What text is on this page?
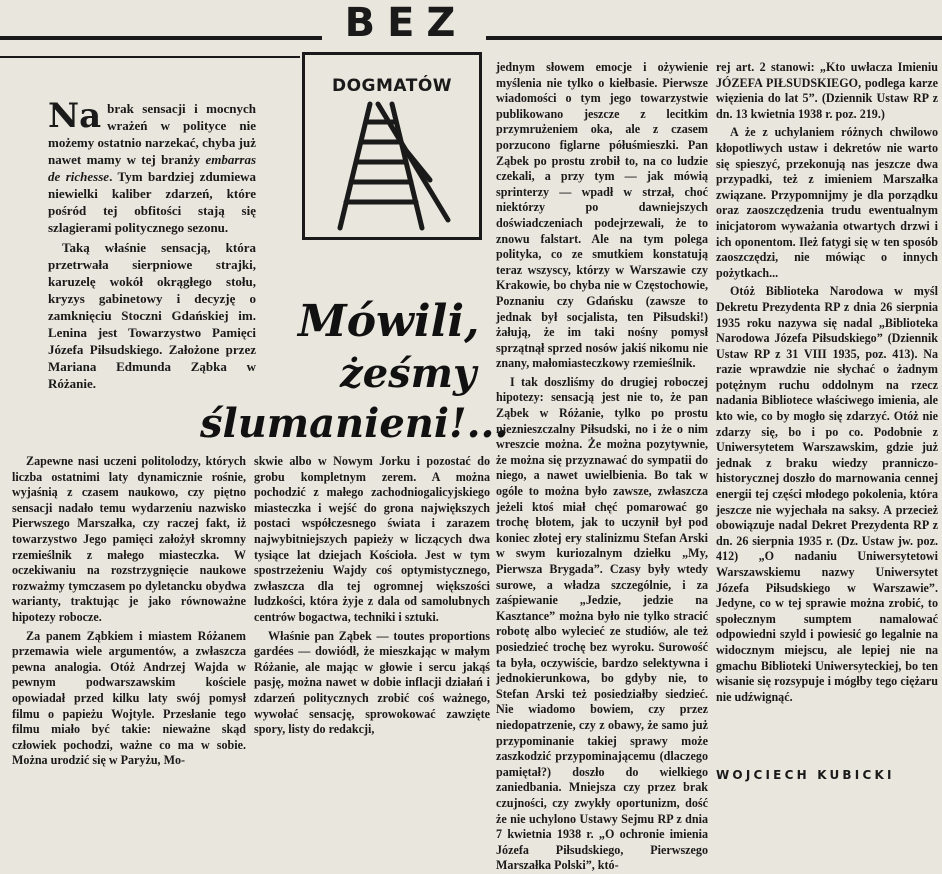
BEZ
DOGMATÓW

Na brak sensacji i mocnych wrażeń w polityce nie możemy ostatnio narzekać, chyba już nawet mamy w tej branży embarras de richesse. Tym bardziej zdumiewa niewielki kaliber zdarzeń, które pośród tej obfitości stają się szlagierami politycznego sezonu.

Taką właśnie sensacją, która przetrwała sierpniowe strajki, karuzelę wokół okrągłego stołu, kryzys gabinetowy i decyzję o zamknięciu Stoczni Gdańskiej im. Lenina jest Towarzystwo Pamięci Józefa Piłsudskiego. Założone przez Mariana Edmunda Ząbka w Różanie.

Mówili,
żeśmy
ślumanieni!...

Zapewne nasi uczeni politolodzy, których liczba ostatnimi laty dynamicznie rośnie, wyjaśnią z czasem naukowo, czy piętno sensacji nadało temu wydarzeniu nazwisko Pierwszego Marszałka, czy raczej fakt, iż towarzystwo Jego pamięci założył skromny rzemieślnik z małego miasteczka. W oczekiwaniu na rozstrzygnięcie naukowe rozważmy tymczasem po dyletancku obydwa warianty, traktując je jako równoważne hipotezy robocze.

Za panem Ząbkiem i miastem Różanem przemawia wiele argumentów, a zwłaszcza pewna analogia. Otóż Andrzej Wajda w pewnym podwarszawskim kościele opowiadał przed kilku laty swój pomysł filmu o papieżu Wojtyle. Przesłanie tego filmu miało być takie: nieważne skąd człowiek pochodzi, ważne co ma w sobie. Można urodzić się w Paryżu, Mo-

skwie albo w Nowym Jorku i pozostać do grobu kompletnym zerem. A można pochodzić z małego zachodniogalicyjskiego miasteczka i wejść do grona największych postaci współczesnego świata i zarazem najwybitniejszych papieży w liczących dwa tysiące lat dziejach Kościoła. Jest w tym spostrzeżeniu Wajdy coś optymistycznego, zwłaszcza dla tej ogromnej większości ludzkości, która żyje z dala od samolubnych centrów bogactwa, techniki i sztuki.

Właśnie pan Ząbek — toutes proportions gardées — dowiódł, że mieszkając w małym Różanie, ale mając w głowie i sercu jakąś pasję, można nawet w dobie inflacji działań i zdarzeń politycznych zrobić coś ważnego, wywołać sensację, sprowokować zawzięte spory, listy do redakcji,

jednym słowem emocje i ożywienie myślenia nie tylko o kiełbasie. Pierwsze wiadomości o tym jego towarzystwie publikowano jeszcze z lecitkim przymrużeniem oka, ale z czasem porzucono figlarne półuśmieszki. Pan Ząbek po prostu zrobił to, na co ludzie czekali, a przy tym — jak mówią sprinterzy — wpadł w strzał, choć niektórzy po dawniejszych doświadczeniach podejrzewali, że to znowu falstart. Ale na tym polega polityka, co ze smutkiem konstatują teraz wszyscy, którzy w Warszawie czy Krakowie, bo chyba nie w Częstochowie, Poznaniu czy Gdańsku (zawsze to jednak był socjalista, ten Piłsudski!) żałują, że im taki nośny pomysł sprzątnął sprzed nosów jakiś nikomu nie znany, małomiasteczkowy rzemieślnik.

I tak doszliśmy do drugiej roboczej hipotezy: sensacją jest nie to, że pan Ząbek w Różanie, tylko po prostu nieznieszczalny Piłsudski, no i że o nim wreszcie można. Że można pozytywnie, że można się przyznawać do sympatii do niego, a nawet uwielbienia. Bo tak w ogóle to można było zawsze, zwłaszcza jeżeli ktoś miał chęć pomarować go trochę błotem, jak to uczynił był pod koniec złotej ery stalinizmu Stefan Arski w swym kuriozalnym dziełku „My, Pierwsza Brygada”. Czasy były wtedy surowe, a władza szczególnie, i za zaśpiewanie „Jedzie, jedzie na Kasztance” można było nie tylko stracić robotę albo wylecieć ze studiów, ale też posiedzieć trochę bez wyroku. Surowość ta była, oczywiście, bardzo selektywna i jednokierunkowa, bo gdyby nie, to Stefan Arski też posiedziałby siedzieć. Nie wiadomo bowiem, czy przez niedopatrzenie, czy z obawy, że samo już przypominanie takiej sprawy może zaszkodzić przypominającemu (dlaczego pamiętał?) doszło do wielkiego zaniedbania. Mniejsza czy przez brak czujności, czy zwykły oportunizm, dość że nie uchylono Ustawy Sejmu RP z dnia 7 kwietnia 1938 r. „O ochronie imienia Józefa Piłsudskiego, Pierwszego Marszałka Polski”, któ-

rej art. 2 stanowi: „Kto uwłacza Imieniu JÓZEFA PIŁSUDSKIEGO, podlega karze więzienia do lat 5”. (Dziennik Ustaw RP z dn. 13 kwietnia 1938 r. poz. 219.)

A że z uchylaniem różnych chwilowo kłopotliwych ustaw i dekretów nie warto się spieszyć, przekonują nas jeszcze dwa przypadki, też z imieniem Marszałka związane. Przypomnijmy je dla porządku oraz zaoszczędzenia trudu ewentualnym inicjatorom wyważania otwartych drzwi i ich oponentom. Ileż fatygi się w ten sposób zaoszczędzi, nie mówiąc o innych pożytkach...

Otóż Biblioteka Narodowa w myśl Dekretu Prezydenta RP z dnia 26 sierpnia 1935 roku nazywa się nadal „Biblioteka Narodowa Józefa Piłsudskiego” (Dziennik Ustaw RP z 31 VIII 1935, poz. 413). Na razie wprawdzie nie słychać o żadnym potężnym ruchu oddolnym na rzecz nadania Bibliotece właściwego imienia, ale kto wie, co by mogło się zdarzyć. Otóż nie zdarzy się, bo i po co. Podobnie z Uniwersytetem Warszawskim, gdzie już jednak z braku wiedzy pranniczo-historycznej doszło do marnowania cennej energii tej części młodego pokolenia, która jeszcze nie wyjechała na saksy. A przecież obowiązuje nadal Dekret Prezydenta RP z dn. 26 sierpnia 1935 r. (Dz. Ustaw jw. poz. 412) „O nadaniu Uniwersytetowi Warszawskiemu nazwy Uniwersytet Józefa Piłsudskiego w Warszawie”. Jedyne, co w tej sprawie można zrobić, to społecznym sumptem namalować odpowiedni szyld i powiesić go legalnie na widocznym miejscu, ale lepiej nie na gmachu Biblioteki Uniwersyteckiej, bo ten wisanie się rozsypuje i mógłby tego ciężaru nie udźwignąć.

WOJCIECH KUBICKI
